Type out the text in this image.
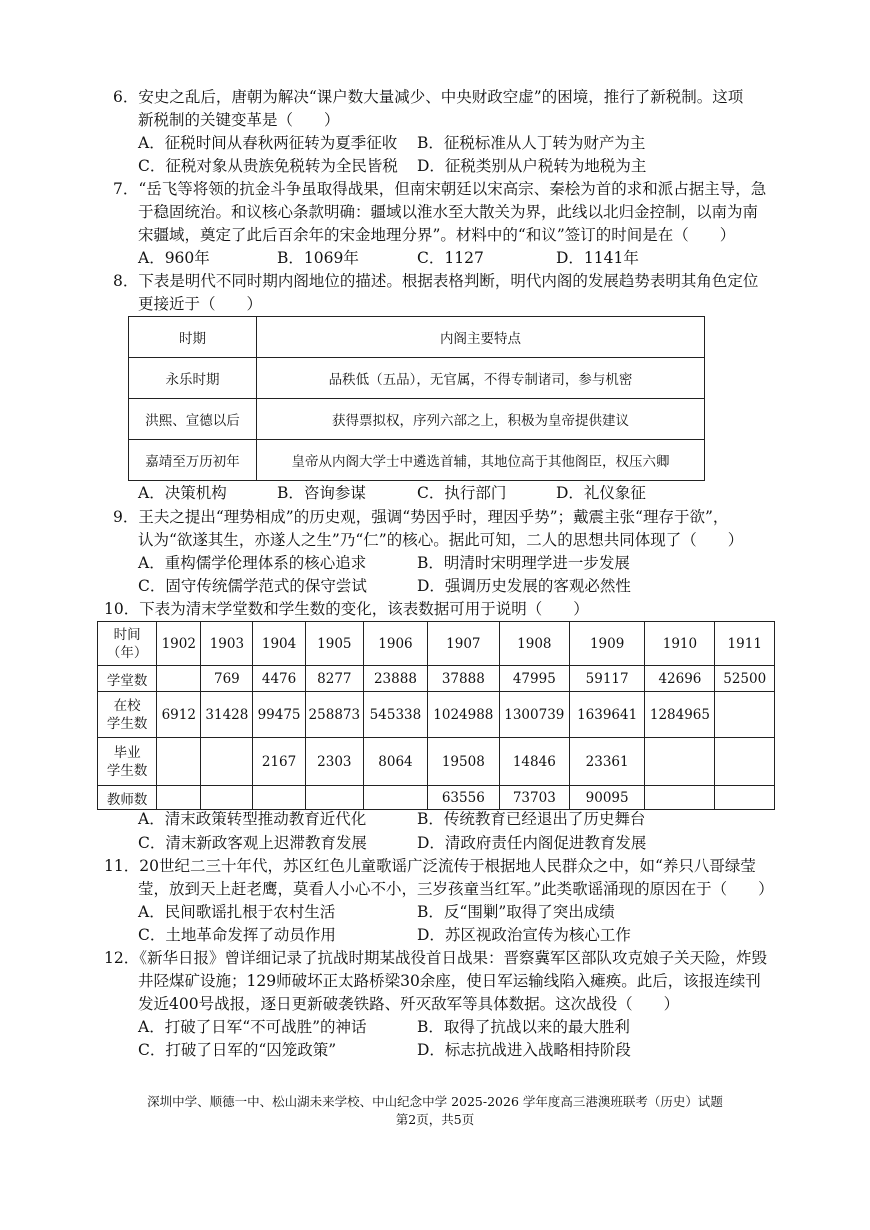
6．安史之乱后，唐朝为解决“课户数大量减少、中央财政空虚”的困境，推行了新税制。这项
新税制的关键变革是（　　）
A．征税时间从春秋两征转为夏季征收 B．征税标准从人丁转为财产为主
C．征税对象从贵族免税转为全民皆税 D．征税类别从户税转为地税为主
7．“岳飞等将领的抗金斗争虽取得战果，但南宋朝廷以宋高宗、秦桧为首的求和派占据主导，急
于稳固统治。和议核心条款明确：疆域以淮水至大散关为界，此线以北归金控制，以南为南
宋疆域，奠定了此后百余年的宋金地理分界”。材料中的“和议”签订的时间是在（　　）
A．960年	B．1069年	C．1127	D．1141年
8．下表是明代不同时期内阁地位的描述。根据表格判断，明代内阁的发展趋势表明其角色定位
更接近于（　　）
时期	内阁主要特点
永乐时期	品秩低（五品），无官属，不得专制诸司，参与机密
洪熙、宣德以后	获得票拟权，序列六部之上，积极为皇帝提供建议
嘉靖至万历初年	皇帝从内阁大学士中遴选首辅，其地位高于其他阁臣，权压六卿
A．决策机构	B．咨询参谋	C．执行部门	D．礼仪象征
9．王夫之提出“理势相成”的历史观，强调“势因乎时，理因乎势”；戴震主张“理存于欲”，
认为“欲遂其生，亦遂人之生”乃“仁”的核心。据此可知，二人的思想共同体现了（　　）
A．重构儒学伦理体系的核心追求	B．明清时宋明理学进一步发展
C．固守传统儒学范式的保守尝试	D．强调历史发展的客观必然性
10．下表为清末学堂数和学生数的变化，该表数据可用于说明（　　）
时间
（年）	1902	1903	1904	1905	1906	1907	1908	1909	1910	1911
学堂数		769	4476	8277	23888	37888	47995	59117	42696	52500
在校
学生数	6912	31428	99475	258873	545338	1024988	1300739	1639641	1284965	
毕业
学生数			2167	2303	8064	19508	14846	23361		
教师数						63556	73703	90095		
A．清末政策转型推动教育近代化	B．传统教育已经退出了历史舞台
C．清末新政客观上迟滞教育发展	D．清政府责任内阁促进教育发展
11．20世纪二三十年代，苏区红色儿童歌谣广泛流传于根据地人民群众之中，如“养只八哥绿莹
莹，放到天上赶老鹰，莫看人小心不小，三岁孩童当红军。”此类歌谣涌现的原因在于（　　）
A．民间歌谣扎根于农村生活	B．反“围剿”取得了突出成绩
C．土地革命发挥了动员作用	D．苏区视政治宣传为核心工作
12．《新华日报》曾详细记录了抗战时期某战役首日战果：晋察冀军区部队攻克娘子关天险，炸毁
井陉煤矿设施；129师破坏正太路桥梁30余座，使日军运输线陷入瘫痪。此后，该报连续刊
发近400号战报，逐日更新破袭铁路、歼灭敌军等具体数据。这次战役（　　）
A．打破了日军“不可战胜”的神话	B．取得了抗战以来的最大胜利
C．打破了日军的“囚笼政策”	D．标志抗战进入战略相持阶段
深圳中学、顺德一中、松山湖未来学校、中山纪念中学 2025-2026 学年度高三港澳班联考（历史）试题
第2页，共5页
